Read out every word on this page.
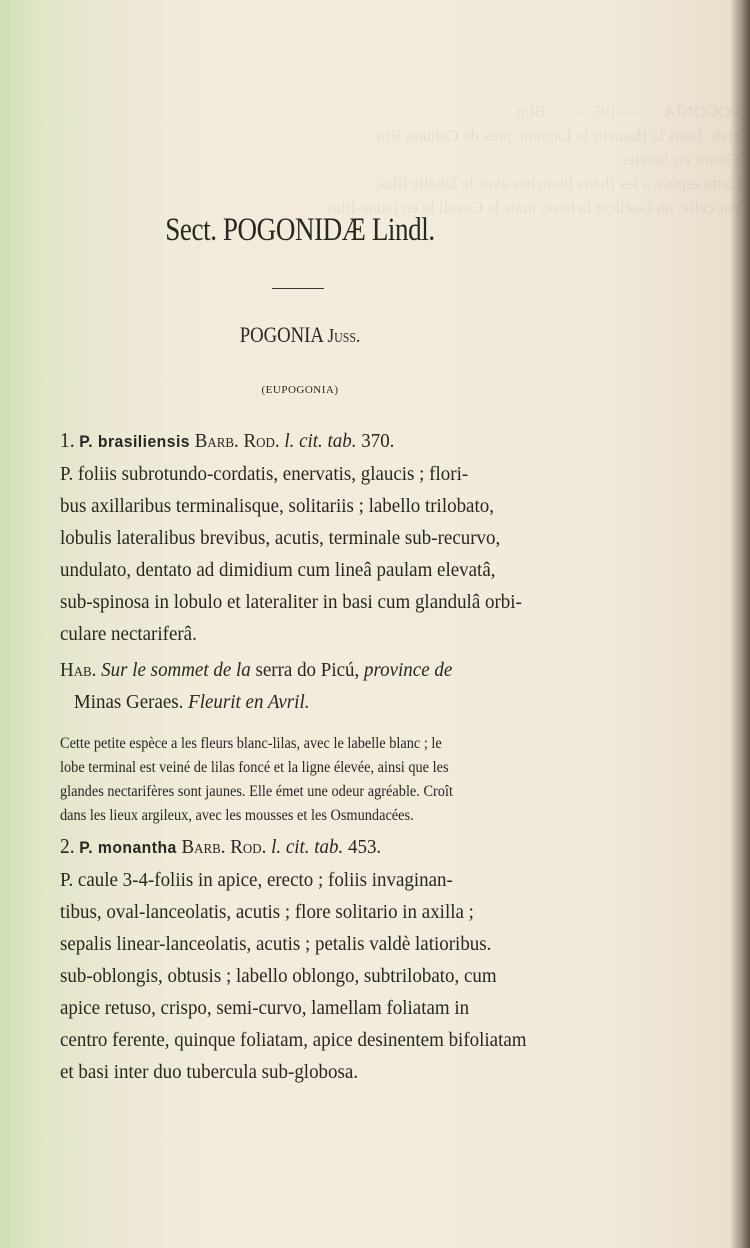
POGONIA      — 195 —      Bhg.
Hab. Dans la Hauteur la Lagoon, près de Cahum, Rio
Fleurit en Janvier.
Cette espèce a les fleurs blanches avec le labelle lilas,
par celle, on Gaélicet la base, mais la Cavall le en jaune-lilas
Sect. POGONIDÆ Lindl.
POGONIA Juss.
(EUPOGONIA)
1. P. brasiliensis Barb. Rod. l. cit. tab. 370.
P. foliis subrotundo-cordatis, enervatis, glaucis ; flori-
bus axillaribus terminalisque, solitariis ; labello trilobato,
lobulis lateralibus brevibus, acutis, terminale sub-recurvo,
undulato, dentato ad dimidium cum lineâ paulam elevatâ,
sub-spinosa in lobulo et lateraliter in basi cum glandulâ orbi-
culare nectariferâ.
Hab. Sur le sommet de la serra do Picú, province de
Minas Geraes. Fleurit en Avril.
Cette petite espèce a les fleurs blanc-lilas, avec le labelle blanc ; le
lobe terminal est veiné de lilas foncé et la ligne élevée, ainsi que les
glandes nectarifères sont jaunes. Elle émet une odeur agréable. Croît
dans les lieux argileux, avec les mousses et les Osmundacées.
2. P. monantha Barb. Rod. l. cit. tab. 453.
P. caule 3-4-foliis in apice, erecto ; foliis invaginan-
tibus, oval-lanceolatis, acutis ; flore solitario in axilla ;
sepalis linear-lanceolatis, acutis ; petalis valdè latioribus.
sub-oblongis, obtusis ; labello oblongo, subtrilobato, cum
apice retuso, crispo, semi-curvo, lamellam foliatam in
centro ferente, quinque foliatam, apice desinentem bifoliatam
et basi inter duo tubercula sub-globosa.
